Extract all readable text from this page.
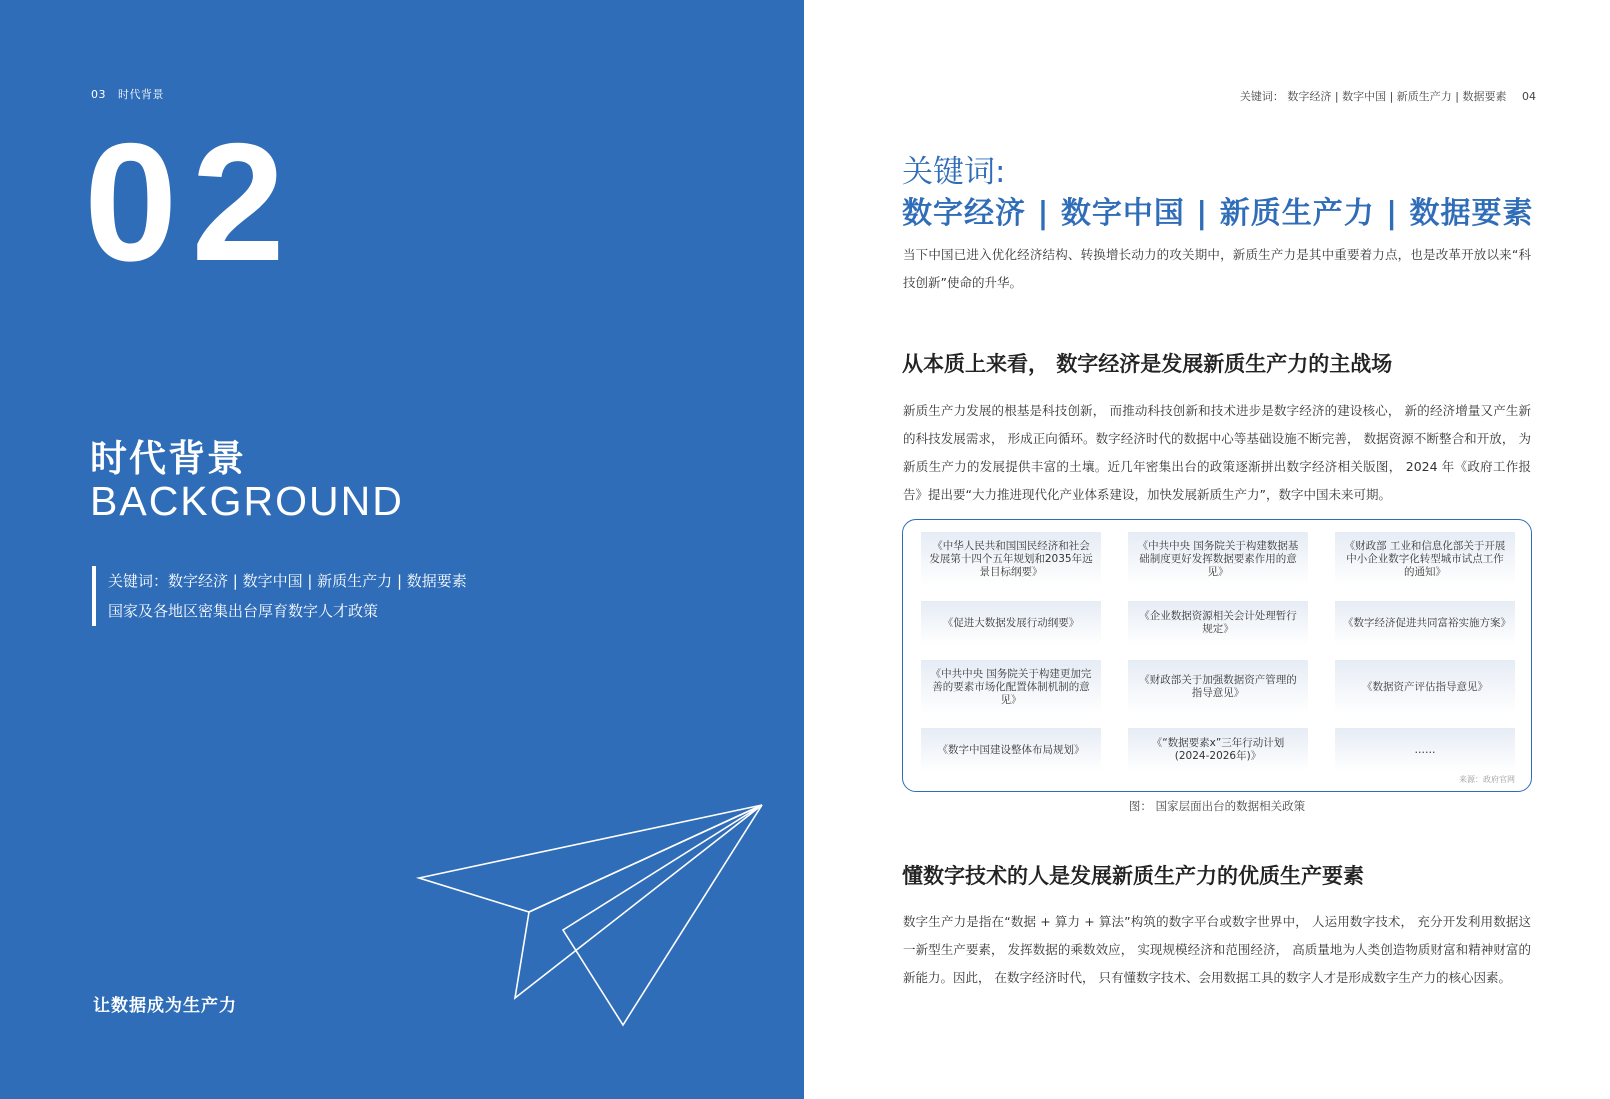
03 时代背景
02
时代背景
BACKGROUND
关键词：数字经济 | 数字中国 | 新质生产力 | 数据要素
国家及各地区密集出台厚育数字人才政策
让数据成为生产力
关键词： 数字经济 | 数字中国 | 新质生产力 | 数据要素 04
关键词:
数字经济 | 数字中国 | 新质生产力 | 数据要素
当下中国已进入优化经济结构、转换增长动力的攻关期中，新质生产力是其中重要着力点，也是改革开放以来“科技创新”使命的升华。
从本质上来看， 数字经济是发展新质生产力的主战场
新质生产力发展的根基是科技创新， 而推动科技创新和技术进步是数字经济的建设核心， 新的经济增量又产生新的科技发展需求， 形成正向循环。数字经济时代的数据中心等基础设施不断完善， 数据资源不断整合和开放， 为新质生产力的发展提供丰富的土壤。近几年密集出台的政策逐渐拼出数字经济相关版图， 2024 年《政府工作报告》提出要“大力推进现代化产业体系建设，加快发展新质生产力”，数字中国未来可期。
《中华人民共和国国民经济和社会发展第十四个五年规划和2035年远景目标纲要》
《中共中央 国务院关于构建数据基础制度更好发挥数据要素作用的意见》
《财政部 工业和信息化部关于开展中小企业数字化转型城市试点工作的通知》
《促进大数据发展行动纲要》
《企业数据资源相关会计处理暂行规定》
《数字经济促进共同富裕实施方案》
《中共中央 国务院关于构建更加完善的要素市场化配置体制机制的意见》
《财政部关于加强数据资产管理的指导意见》
《数据资产评估指导意见》
《数字中国建设整体布局规划》
《“数据要素x”三年行动计划(2024-2026年)》
……
来源：政府官网
图： 国家层面出台的数据相关政策
懂数字技术的人是发展新质生产力的优质生产要素
数字生产力是指在“数据 + 算力 + 算法”构筑的数字平台或数字世界中， 人运用数字技术， 充分开发利用数据这一新型生产要素， 发挥数据的乘数效应， 实现规模经济和范围经济， 高质量地为人类创造物质财富和精神财富的新能力。因此， 在数字经济时代， 只有懂数字技术、会用数据工具的数字人才是形成数字生产力的核心因素。
